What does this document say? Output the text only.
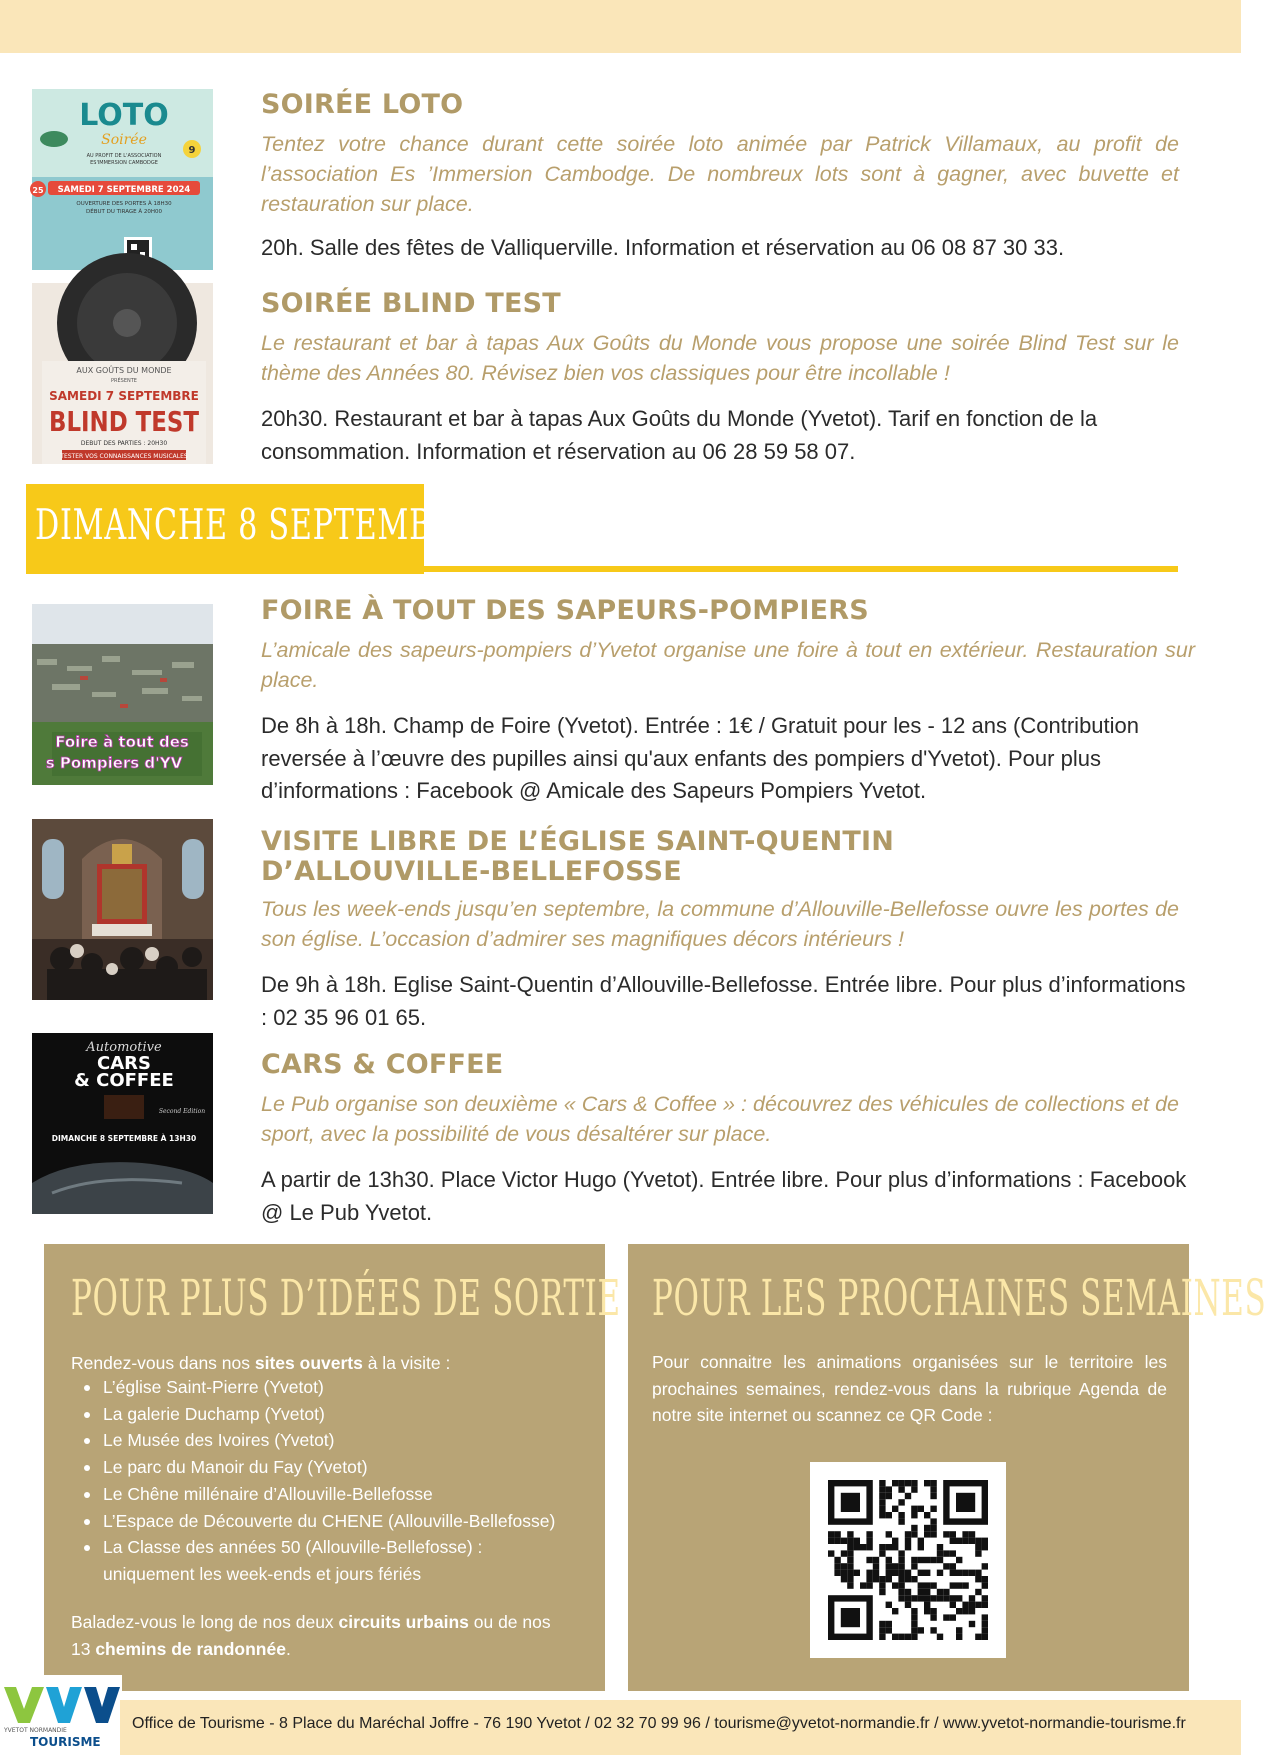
LOTO
Soirée
AU PROFIT DE L'ASSOCIATION
ES'IMMERSION CAMBODGE
9
25 SAMEDI 7 SEPTEMBRE 2024
OUVERTURE DES PORTES À 18H30
DÉBUT DU TIRAGE À 20H00
SOIRÉE LOTO
Tentez votre chance durant cette soirée loto animée par Patrick Villamaux, au profit de l’association Es ’Immersion Cambodge. De nombreux lots sont à gagner, avec buvette et restauration sur place.
20h. Salle des fêtes de Valliquerville. Information et réservation au 06 08 87 30 33.
AUX GOÛTS DU MONDE
PRÉSENTE
SAMEDI 7 SEPTEMBRE
BLIND TEST
DEBUT DES PARTIES : 20H30
TESTER VOS CONNAISSANCES MUSICALES
SOIRÉE BLIND TEST
Le restaurant et bar à tapas Aux Goûts du Monde vous propose une soirée Blind Test sur le thème des Années 80. Révisez bien vos classiques pour être incollable !
20h30. Restaurant et bar à tapas Aux Goûts du Monde (Yvetot). Tarif en fonction de la consommation. Information et réservation au 06 28 59 58 07.
DIMANCHE 8 SEPTEMBRE
Foire à tout des
s Pompiers d'YV
FOIRE À TOUT DES SAPEURS-POMPIERS
L’amicale des sapeurs-pompiers d’Yvetot organise une foire à tout en extérieur. Restauration sur place.
De 8h à 18h. Champ de Foire (Yvetot). Entrée : 1€ / Gratuit pour les - 12 ans (Contribution reversée à l’œuvre des pupilles ainsi qu'aux enfants des pompiers d'Yvetot). Pour plus d’informations : Facebook @ Amicale des Sapeurs Pompiers Yvetot.
VISITE LIBRE DE L’ÉGLISE SAINT-QUENTIN D’ALLOUVILLE-BELLEFOSSE
Tous les week-ends jusqu’en septembre, la commune d’Allouville-Bellefosse ouvre les portes de son église. L’occasion d’admirer ses magnifiques décors intérieurs !
De 9h à 18h. Eglise Saint-Quentin d’Allouville-Bellefosse. Entrée libre. Pour plus d’informations : 02 35 96 01 65.
Automotive
CARS
& COFFEE
Second Edition
DIMANCHE 8 SEPTEMBRE À 13H30
CARS & COFFEE
Le Pub organise son deuxième « Cars & Coffee » : découvrez des véhicules de collections et de sport, avec la possibilité de vous désaltérer sur place.
A partir de 13h30. Place Victor Hugo (Yvetot). Entrée libre. Pour plus d’informations : Facebook @ Le Pub Yvetot.
POUR PLUS D’IDÉES DE SORTIE
Rendez-vous dans nos sites ouverts à la visite :
L’église Saint-Pierre (Yvetot)
La galerie Duchamp (Yvetot)
Le Musée des Ivoires (Yvetot)
Le parc du Manoir du Fay (Yvetot)
Le Chêne millénaire d’Allouville-Bellefosse
L’Espace de Découverte du CHENE (Allouville-Bellefosse)
La Classe des années 50 (Allouville-Bellefosse) :
uniquement les week-ends et jours fériés
Baladez-vous le long de nos deux circuits urbains ou de nos
13 chemins de randonnée.
POUR LES PROCHAINES SEMAINES
Pour connaitre les animations organisées sur le territoire les prochaines semaines, rendez-vous dans la rubrique Agenda de notre site internet ou scannez ce QR Code :
YVETOT NORMANDIE
TOURISME
Office de Tourisme - 8 Place du Maréchal Joffre - 76 190 Yvetot / 02 32 70 99 96 / tourisme@yvetot-normandie.fr / www.yvetot-normandie-tourisme.fr
